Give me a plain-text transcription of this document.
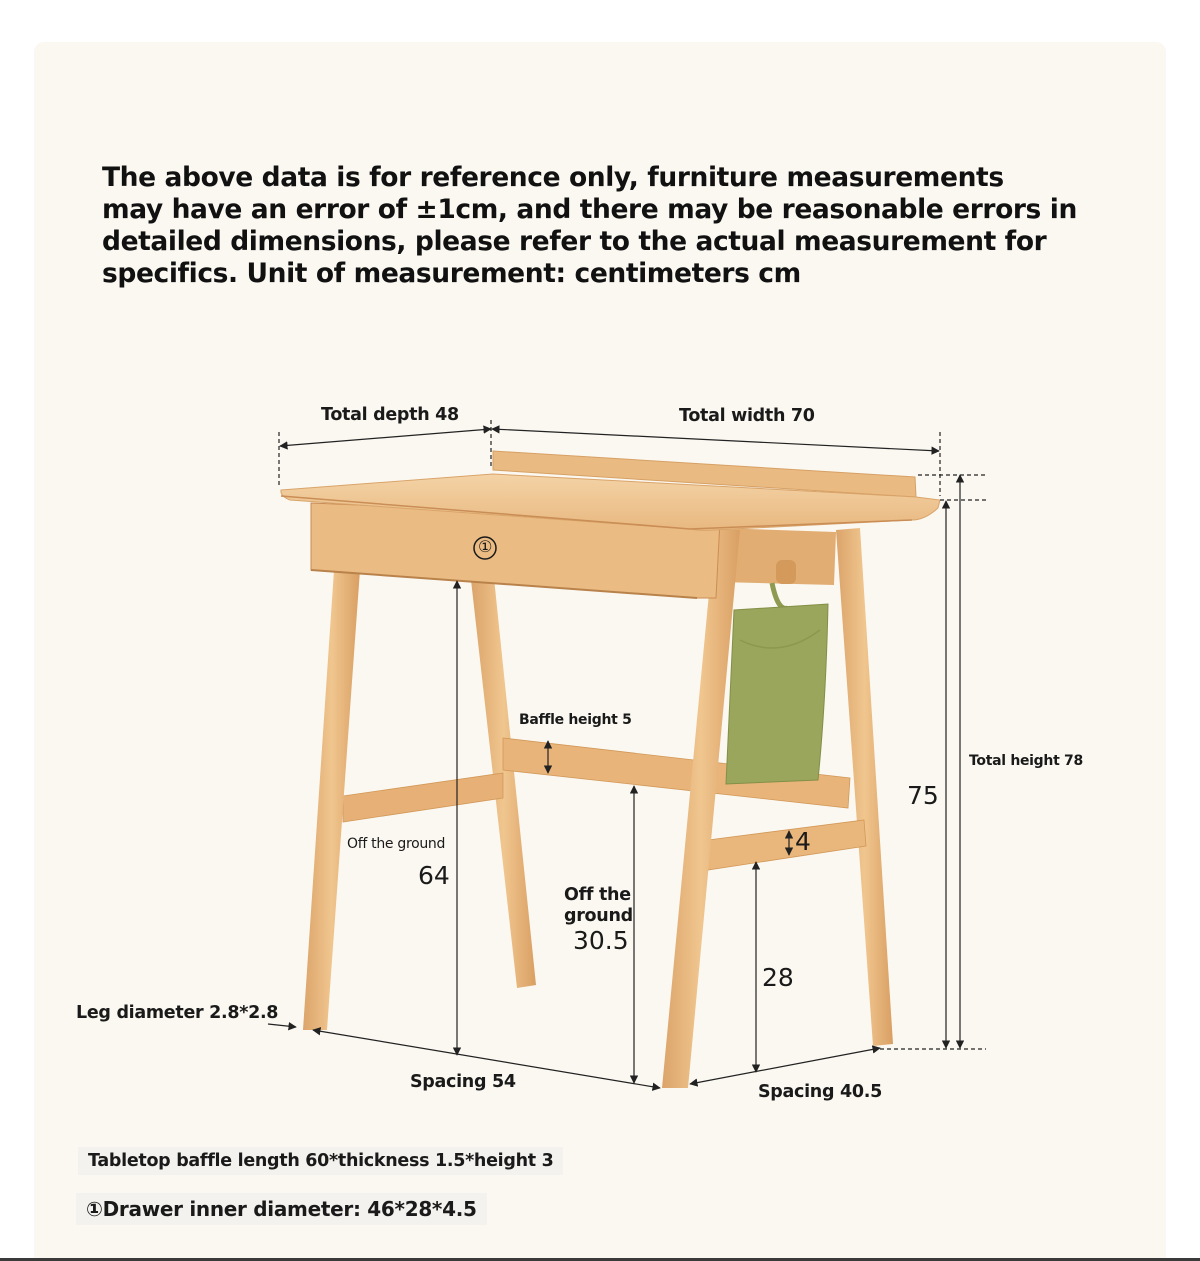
The above data is for reference only, furniture measurements
may have an error of ±1cm, and there may be reasonable errors in
detailed dimensions, please refer to the actual measurement for
specifics. Unit of measurement: centimeters cm
Total depth 48	Total width 70
①
Baffle height 5
Total height 78
75
4
Off the ground
64
Off the
ground
30.5
28
Leg diameter 2.8*2.8
Spacing 54	Spacing 40.5
Tabletop baffle length 60*thickness 1.5*height 3
①Drawer inner diameter: 46*28*4.5
